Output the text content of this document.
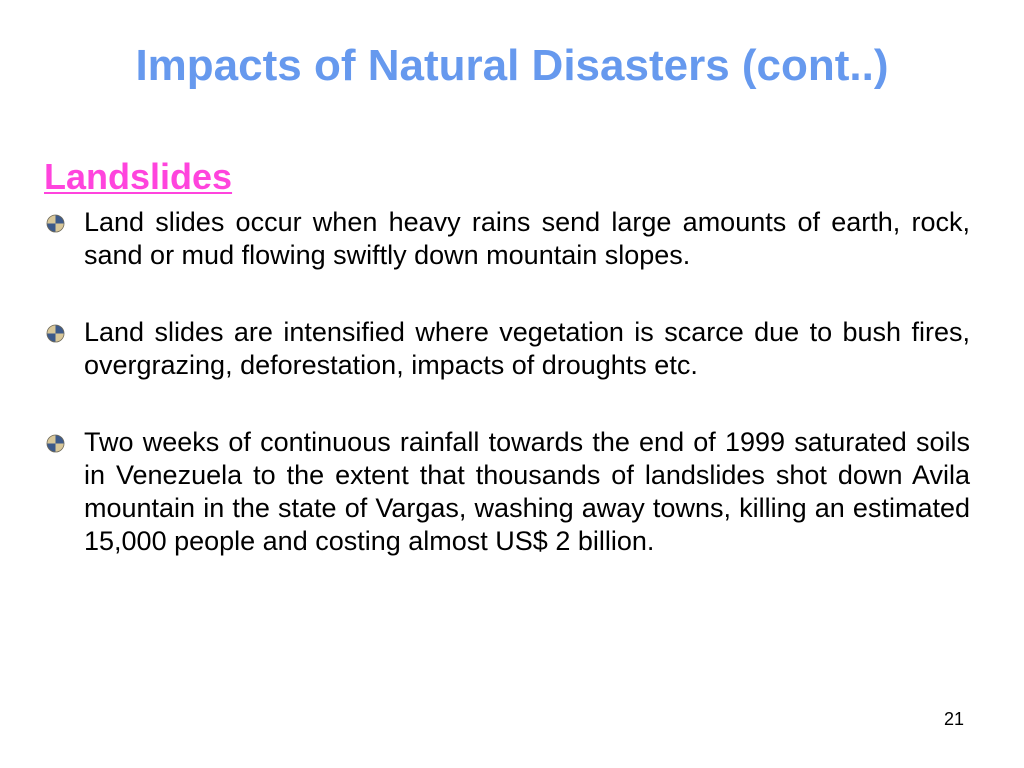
Impacts of Natural Disasters (cont..)
Landslides
Land slides occur when heavy rains send large amounts of earth, rock, sand or mud flowing swiftly down mountain slopes.
Land slides are intensified where vegetation is scarce due to bush fires, overgrazing, deforestation, impacts of droughts etc.
Two weeks of continuous rainfall towards the end of 1999 saturated soils in Venezuela to the extent that thousands of landslides shot down Avila mountain in the state of Vargas, washing away towns, killing an estimated 15,000 people and costing almost US$ 2 billion.
21
